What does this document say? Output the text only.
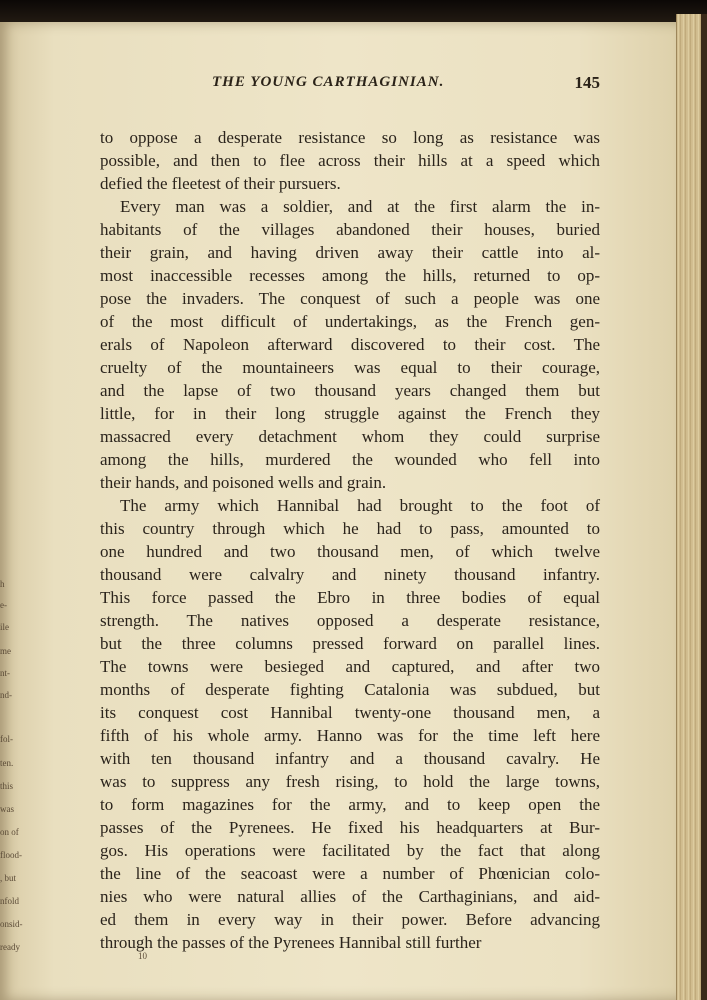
h
e-
ile
me
nt-
nd-
fol-
ten.
this
was
on of
flood-
, but
nfold
onsid-
ready
THE YOUNG CARTHAGINIAN.	145
to oppose a desperate resistance so long as resistance was
possible, and then to flee across their hills at a speed which
defied the fleetest of their pursuers.
Every man was a soldier, and at the first alarm the in-
habitants of the villages abandoned their houses, buried
their grain, and having driven away their cattle into al-
most inaccessible recesses among the hills, returned to op-
pose the invaders. The conquest of such a people was one
of the most difficult of undertakings, as the French gen-
erals of Napoleon afterward discovered to their cost. The
cruelty of the mountaineers was equal to their courage,
and the lapse of two thousand years changed them but
little, for in their long struggle against the French they
massacred every detachment whom they could surprise
among the hills, murdered the wounded who fell into
their hands, and poisoned wells and grain.
The army which Hannibal had brought to the foot of
this country through which he had to pass, amounted to
one hundred and two thousand men, of which twelve
thousand were calvalry and ninety thousand infantry.
This force passed the Ebro in three bodies of equal
strength. The natives opposed a desperate resistance,
but the three columns pressed forward on parallel lines.
The towns were besieged and captured, and after two
months of desperate fighting Catalonia was subdued, but
its conquest cost Hannibal twenty-one thousand men, a
fifth of his whole army. Hanno was for the time left here
with ten thousand infantry and a thousand cavalry. He
was to suppress any fresh rising, to hold the large towns,
to form magazines for the army, and to keep open the
passes of the Pyrenees. He fixed his headquarters at Bur-
gos. His operations were facilitated by the fact that along
the line of the seacoast were a number of Phœnician colo-
nies who were natural allies of the Carthaginians, and aid-
ed them in every way in their power. Before advancing
through the passes of the Pyrenees Hannibal still further
10
